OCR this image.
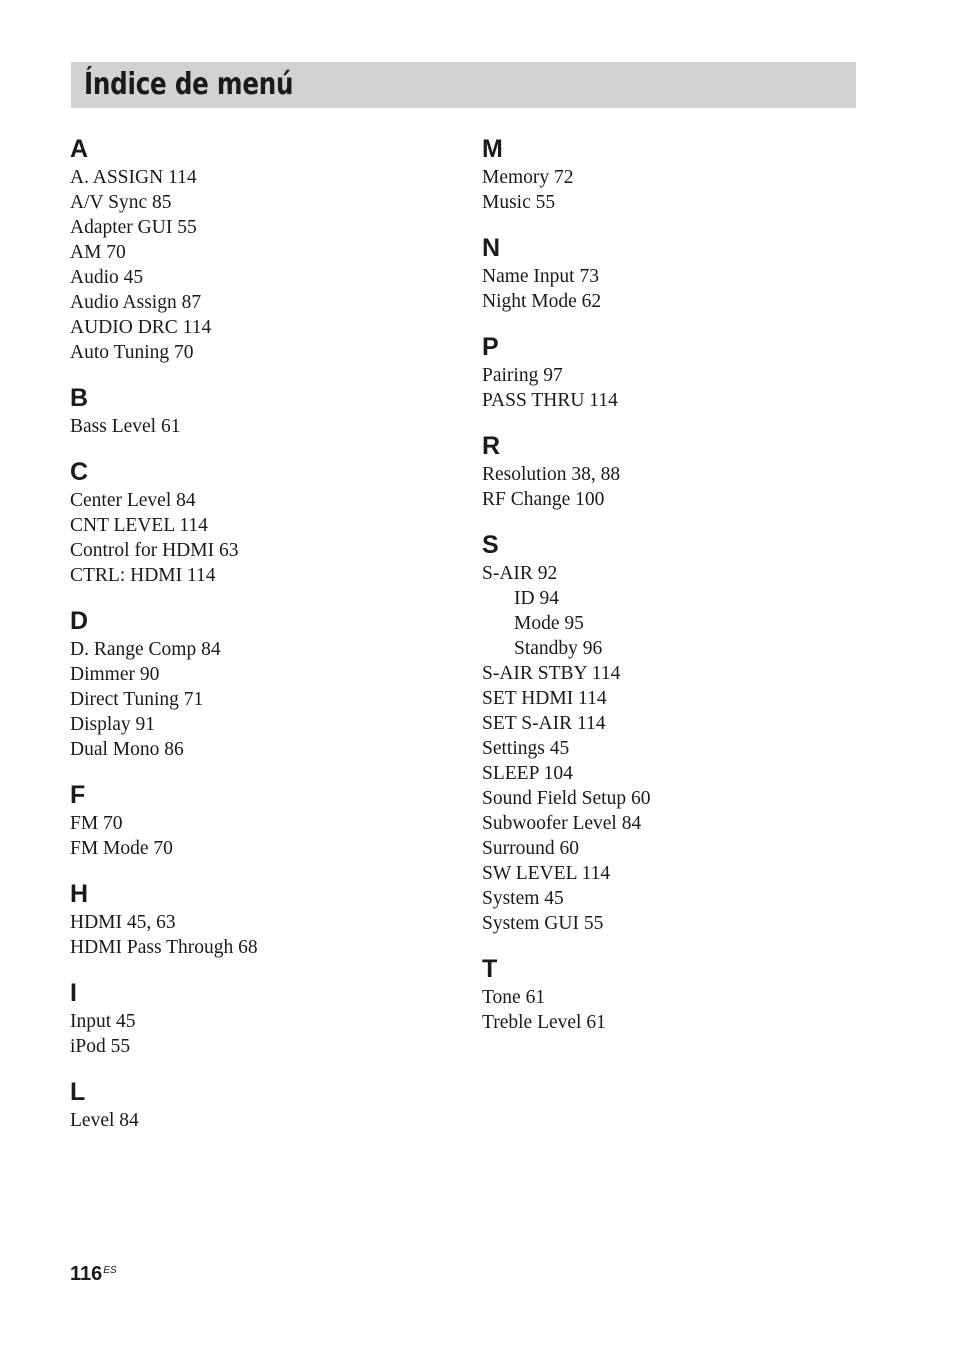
Índice de menú
A
A. ASSIGN 114
A/V Sync 85
Adapter GUI 55
AM 70
Audio 45
Audio Assign 87
AUDIO DRC 114
Auto Tuning 70
B
Bass Level 61
C
Center Level 84
CNT LEVEL 114
Control for HDMI 63
CTRL: HDMI 114
D
D. Range Comp 84
Dimmer 90
Direct Tuning 71
Display 91
Dual Mono 86
F
FM 70
FM Mode 70
H
HDMI 45, 63
HDMI Pass Through 68
I
Input 45
iPod 55
L
Level 84
M
Memory 72
Music 55
N
Name Input 73
Night Mode 62
P
Pairing 97
PASS THRU 114
R
Resolution 38, 88
RF Change 100
S
S-AIR 92
ID 94
Mode 95
Standby 96
S-AIR STBY 114
SET HDMI 114
SET S-AIR 114
Settings 45
SLEEP 104
Sound Field Setup 60
Subwoofer Level 84
Surround 60
SW LEVEL 114
System 45
System GUI 55
T
Tone 61
Treble Level 61
$116^{ES}$
